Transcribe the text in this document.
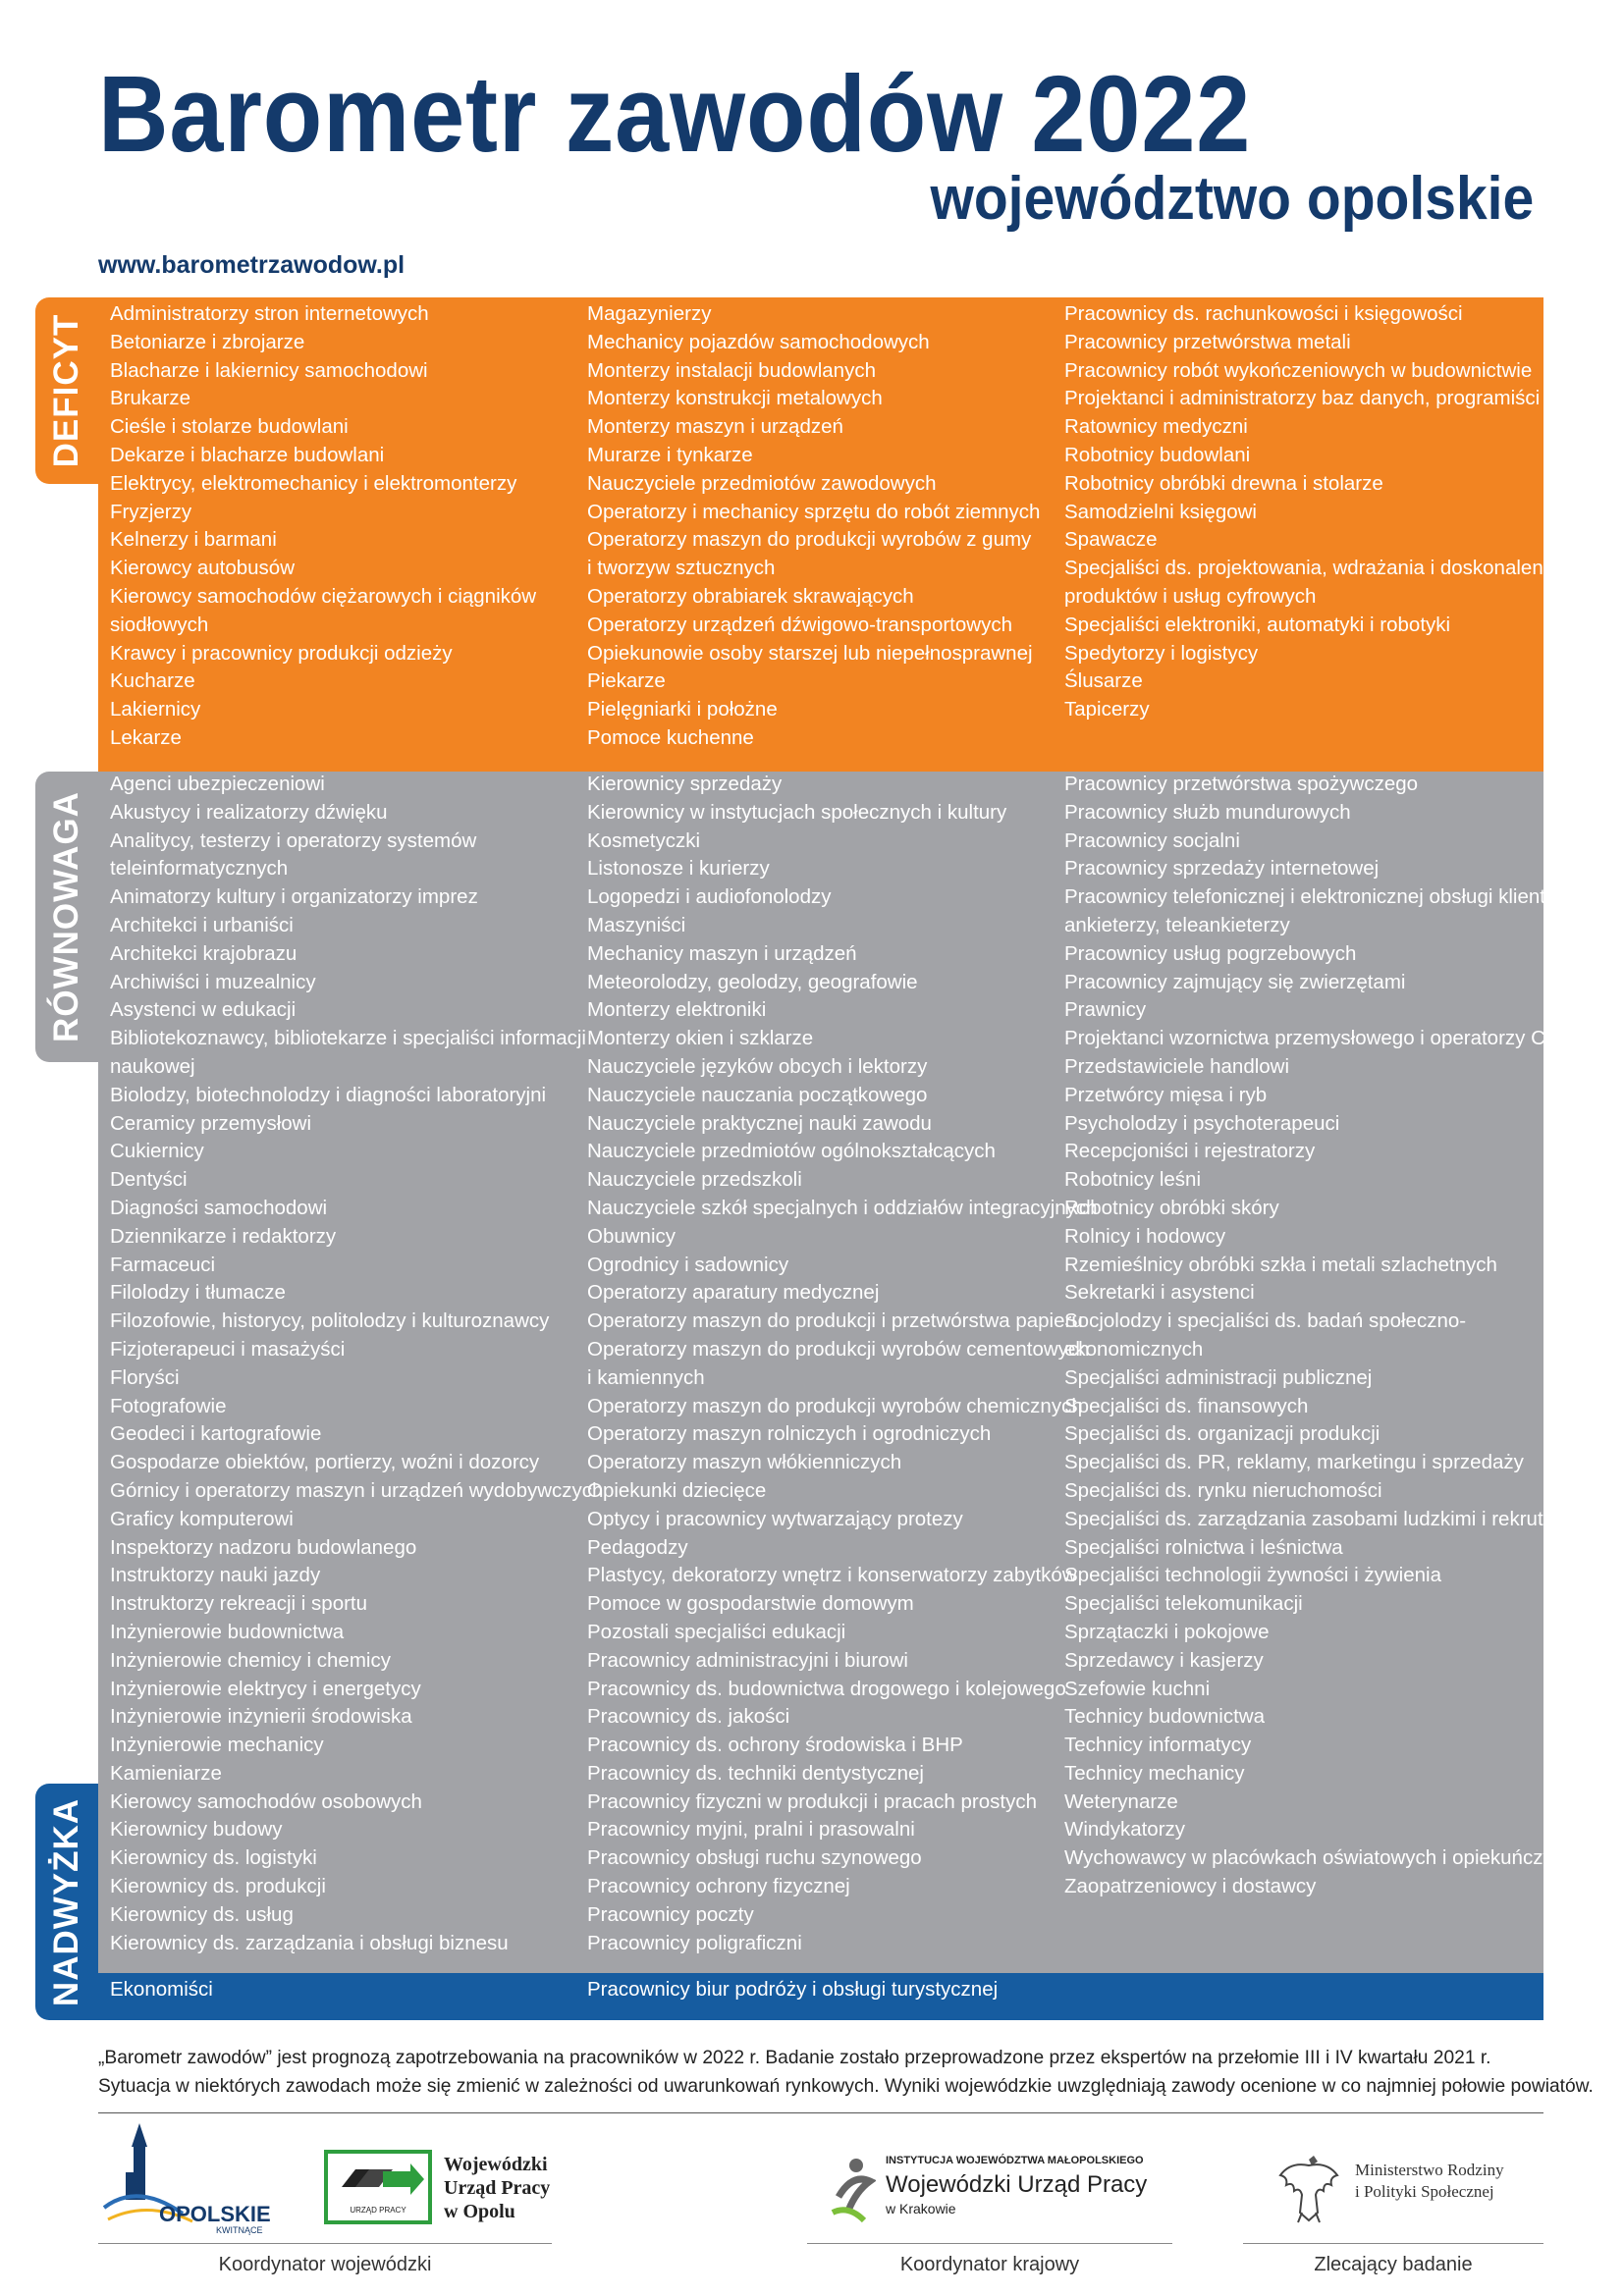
Barometr zawodów 2022
województwo opolskie
www.barometrzawodow.pl
DEFICYT
RÓWNOWAGA
NADWYŻKA
Administratorzy stron internetowych
Betoniarze i zbrojarze
Blacharze i lakiernicy samochodowi
Brukarze
Cieśle i stolarze budowlani
Dekarze i blacharze budowlani
Elektrycy, elektromechanicy i elektromonterzy
Fryzjerzy
Kelnerzy i barmani
Kierowcy autobusów
Kierowcy samochodów ciężarowych i ciągników
siodłowych
Krawcy i pracownicy produkcji odzieży
Kucharze
Lakiernicy
Lekarze
Magazynierzy
Mechanicy pojazdów samochodowych
Monterzy instalacji budowlanych
Monterzy konstrukcji metalowych
Monterzy maszyn i urządzeń
Murarze i tynkarze
Nauczyciele przedmiotów zawodowych
Operatorzy i mechanicy sprzętu do robót ziemnych
Operatorzy maszyn do produkcji wyrobów z gumy
i tworzyw sztucznych
Operatorzy obrabiarek skrawających
Operatorzy urządzeń dźwigowo-transportowych
Opiekunowie osoby starszej lub niepełnosprawnej
Piekarze
Pielęgniarki i położne
Pomoce kuchenne
Pracownicy ds. rachunkowości i księgowości
Pracownicy przetwórstwa metali
Pracownicy robót wykończeniowych w budownictwie
Projektanci i administratorzy baz danych, programiści
Ratownicy medyczni
Robotnicy budowlani
Robotnicy obróbki drewna i stolarze
Samodzielni księgowi
Spawacze
Specjaliści ds. projektowania, wdrażania i doskonalenia
produktów i usług cyfrowych
Specjaliści elektroniki, automatyki i robotyki
Spedytorzy i logistycy
Ślusarze
Tapicerzy
Agenci ubezpieczeniowi
Akustycy i realizatorzy dźwięku
Analitycy, testerzy i operatorzy systemów
teleinformatycznych
Animatorzy kultury i organizatorzy imprez
Architekci i urbaniści
Architekci krajobrazu
Archiwiści i muzealnicy
Asystenci w edukacji
Bibliotekoznawcy, bibliotekarze i specjaliści informacji
naukowej
Biolodzy, biotechnolodzy i diagności laboratoryjni
Ceramicy przemysłowi
Cukiernicy
Dentyści
Diagności samochodowi
Dziennikarze i redaktorzy
Farmaceuci
Filolodzy i tłumacze
Filozofowie, historycy, politolodzy i kulturoznawcy
Fizjoterapeuci i masażyści
Floryści
Fotografowie
Geodeci i kartografowie
Gospodarze obiektów, portierzy, woźni i dozorcy
Górnicy i operatorzy maszyn i urządzeń wydobywczych
Graficy komputerowi
Inspektorzy nadzoru budowlanego
Instruktorzy nauki jazdy
Instruktorzy rekreacji i sportu
Inżynierowie budownictwa
Inżynierowie chemicy i chemicy
Inżynierowie elektrycy i energetycy
Inżynierowie inżynierii środowiska
Inżynierowie mechanicy
Kamieniarze
Kierowcy samochodów osobowych
Kierownicy budowy
Kierownicy ds. logistyki
Kierownicy ds. produkcji
Kierownicy ds. usług
Kierownicy ds. zarządzania i obsługi biznesu
Kierownicy sprzedaży
Kierownicy w instytucjach społecznych i kultury
Kosmetyczki
Listonosze i kurierzy
Logopedzi i audiofonolodzy
Maszyniści
Mechanicy maszyn i urządzeń
Meteorolodzy, geolodzy, geografowie
Monterzy elektroniki
Monterzy okien i szklarze
Nauczyciele języków obcych i lektorzy
Nauczyciele nauczania początkowego
Nauczyciele praktycznej nauki zawodu
Nauczyciele przedmiotów ogólnokształcących
Nauczyciele przedszkoli
Nauczyciele szkół specjalnych i oddziałów integracyjnych
Obuwnicy
Ogrodnicy i sadownicy
Operatorzy aparatury medycznej
Operatorzy maszyn do produkcji i przetwórstwa papieru
Operatorzy maszyn do produkcji wyrobów cementowych
i kamiennych
Operatorzy maszyn do produkcji wyrobów chemicznych
Operatorzy maszyn rolniczych i ogrodniczych
Operatorzy maszyn włókienniczych
Opiekunki dziecięce
Optycy i pracownicy wytwarzający protezy
Pedagodzy
Plastycy, dekoratorzy wnętrz i konserwatorzy zabytków
Pomoce w gospodarstwie domowym
Pozostali specjaliści edukacji
Pracownicy administracyjni i biurowi
Pracownicy ds. budownictwa drogowego i kolejowego
Pracownicy ds. jakości
Pracownicy ds. ochrony środowiska i BHP
Pracownicy ds. techniki dentystycznej
Pracownicy fizyczni w produkcji i pracach prostych
Pracownicy myjni, pralni i prasowalni
Pracownicy obsługi ruchu szynowego
Pracownicy ochrony fizycznej
Pracownicy poczty
Pracownicy poligraficzni
Pracownicy przetwórstwa spożywczego
Pracownicy służb mundurowych
Pracownicy socjalni
Pracownicy sprzedaży internetowej
Pracownicy telefonicznej i elektronicznej obsługi klienta,
ankieterzy, teleankieterzy
Pracownicy usług pogrzebowych
Pracownicy zajmujący się zwierzętami
Prawnicy
Projektanci wzornictwa przemysłowego i operatorzy CAD
Przedstawiciele handlowi
Przetwórcy mięsa i ryb
Psycholodzy i psychoterapeuci
Recepcjoniści i rejestratorzy
Robotnicy leśni
Robotnicy obróbki skóry
Rolnicy i hodowcy
Rzemieślnicy obróbki szkła i metali szlachetnych
Sekretarki i asystenci
Socjolodzy i specjaliści ds. badań społeczno-
ekonomicznych
Specjaliści administracji publicznej
Specjaliści ds. finansowych
Specjaliści ds. organizacji produkcji
Specjaliści ds. PR, reklamy, marketingu i sprzedaży
Specjaliści ds. rynku nieruchomości
Specjaliści ds. zarządzania zasobami ludzkimi i rekrutacji
Specjaliści rolnictwa i leśnictwa
Specjaliści technologii żywności i żywienia
Specjaliści telekomunikacji
Sprzątaczki i pokojowe
Sprzedawcy i kasjerzy
Szefowie kuchni
Technicy budownictwa
Technicy informatycy
Technicy mechanicy
Weterynarze
Windykatorzy
Wychowawcy w placówkach oświatowych i opiekuńczych
Zaopatrzeniowcy i dostawcy
Ekonomiści	Pracownicy biur podróży i obsługi turystycznej
„Barometr zawodów” jest prognozą zapotrzebowania na pracowników w 2022 r. Badanie zostało przeprowadzone przez ekspertów na przełomie III i IV kwartału 2021 r.
Sytuacja w niektórych zawodach może się zmienić w zależności od uwarunkowań rynkowych. Wyniki wojewódzkie uwzględniają zawody ocenione w co najmniej połowie powiatów.
OPOLSKIE
KWITNĄCE
URZĄD PRACY
Wojewódzki
Urząd Pracy
w Opolu
INSTYTUCJA WOJEWÓDZTWA MAŁOPOLSKIEGO
Wojewódzki Urząd Pracy
w Krakowie
Ministerstwo Rodziny
i Polityki Społecznej
Koordynator wojewódzki	Koordynator krajowy	Zlecający badanie
